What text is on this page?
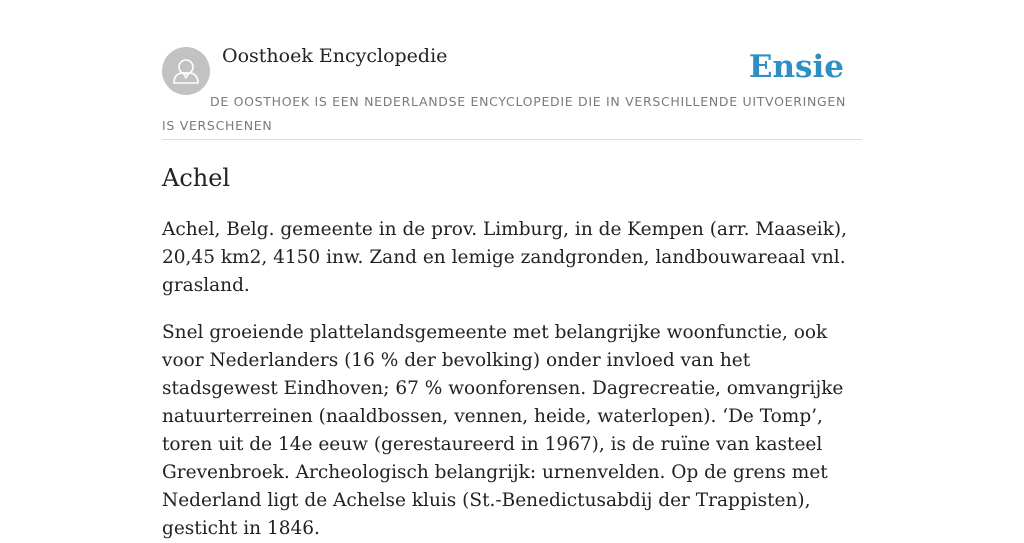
Oosthoek Encyclopedie	Ensie
DE OOSTHOEK IS EEN NEDERLANDSE ENCYCLOPEDIE DIE IN VERSCHILLENDE UITVOERINGEN IS VERSCHENEN
Achel

Achel, Belg. gemeente in de prov. Limburg, in de Kempen (arr. Maaseik), 20,45 km2, 4150 inw. Zand en lemige zandgronden, landbouwareaal vnl. grasland.

Snel groeiende plattelandsgemeente met belangrijke woonfunctie, ook voor Nederlanders (16 % der bevolking) onder invloed van het stadsgewest Eindhoven; 67 % woonforensen. Dagrecreatie, omvangrijke natuurterreinen (naaldbossen, vennen, heide, waterlopen). ‘De Tomp’, toren uit de 14e eeuw (gerestaureerd in 1967), is de ruïne van kasteel Grevenbroek. Archeologisch belangrijk: urnenvelden. Op de grens met Nederland ligt de Achelse kluis (St.-Benedictusabdij der Trappisten), gesticht in 1846.
